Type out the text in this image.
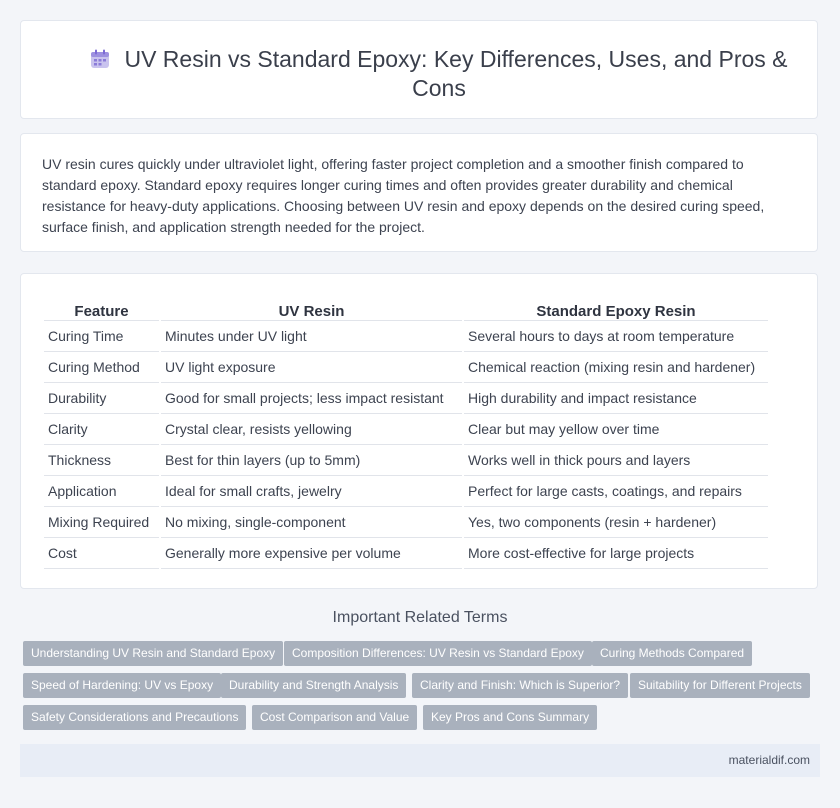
UV Resin vs Standard Epoxy: Key Differences, Uses, and Pros & Cons

UV resin cures quickly under ultraviolet light, offering faster project completion and a smoother finish compared to standard epoxy. Standard epoxy requires longer curing times and often provides greater durability and chemical resistance for heavy-duty applications. Choosing between UV resin and epoxy depends on the desired curing speed, surface finish, and application strength needed for the project.

Feature	UV Resin	Standard Epoxy Resin
Curing Time	Minutes under UV light	Several hours to days at room temperature
Curing Method	UV light exposure	Chemical reaction (mixing resin and hardener)
Durability	Good for small projects; less impact resistant	High durability and impact resistance
Clarity	Crystal clear, resists yellowing	Clear but may yellow over time
Thickness	Best for thin layers (up to 5mm)	Works well in thick pours and layers
Application	Ideal for small crafts, jewelry	Perfect for large casts, coatings, and repairs
Mixing Required	No mixing, single-component	Yes, two components (resin + hardener)
Cost	Generally more expensive per volume	More cost-effective for large projects
Important Related Terms
Understanding UV Resin and Standard Epoxy	Composition Differences: UV Resin vs Standard Epoxy	Curing Methods Compared
Speed of Hardening: UV vs Epoxy	Durability and Strength Analysis	Clarity and Finish: Which is Superior?	Suitability for Different Projects
Safety Considerations and Precautions	Cost Comparison and Value	Key Pros and Cons Summary
materialdif.com
